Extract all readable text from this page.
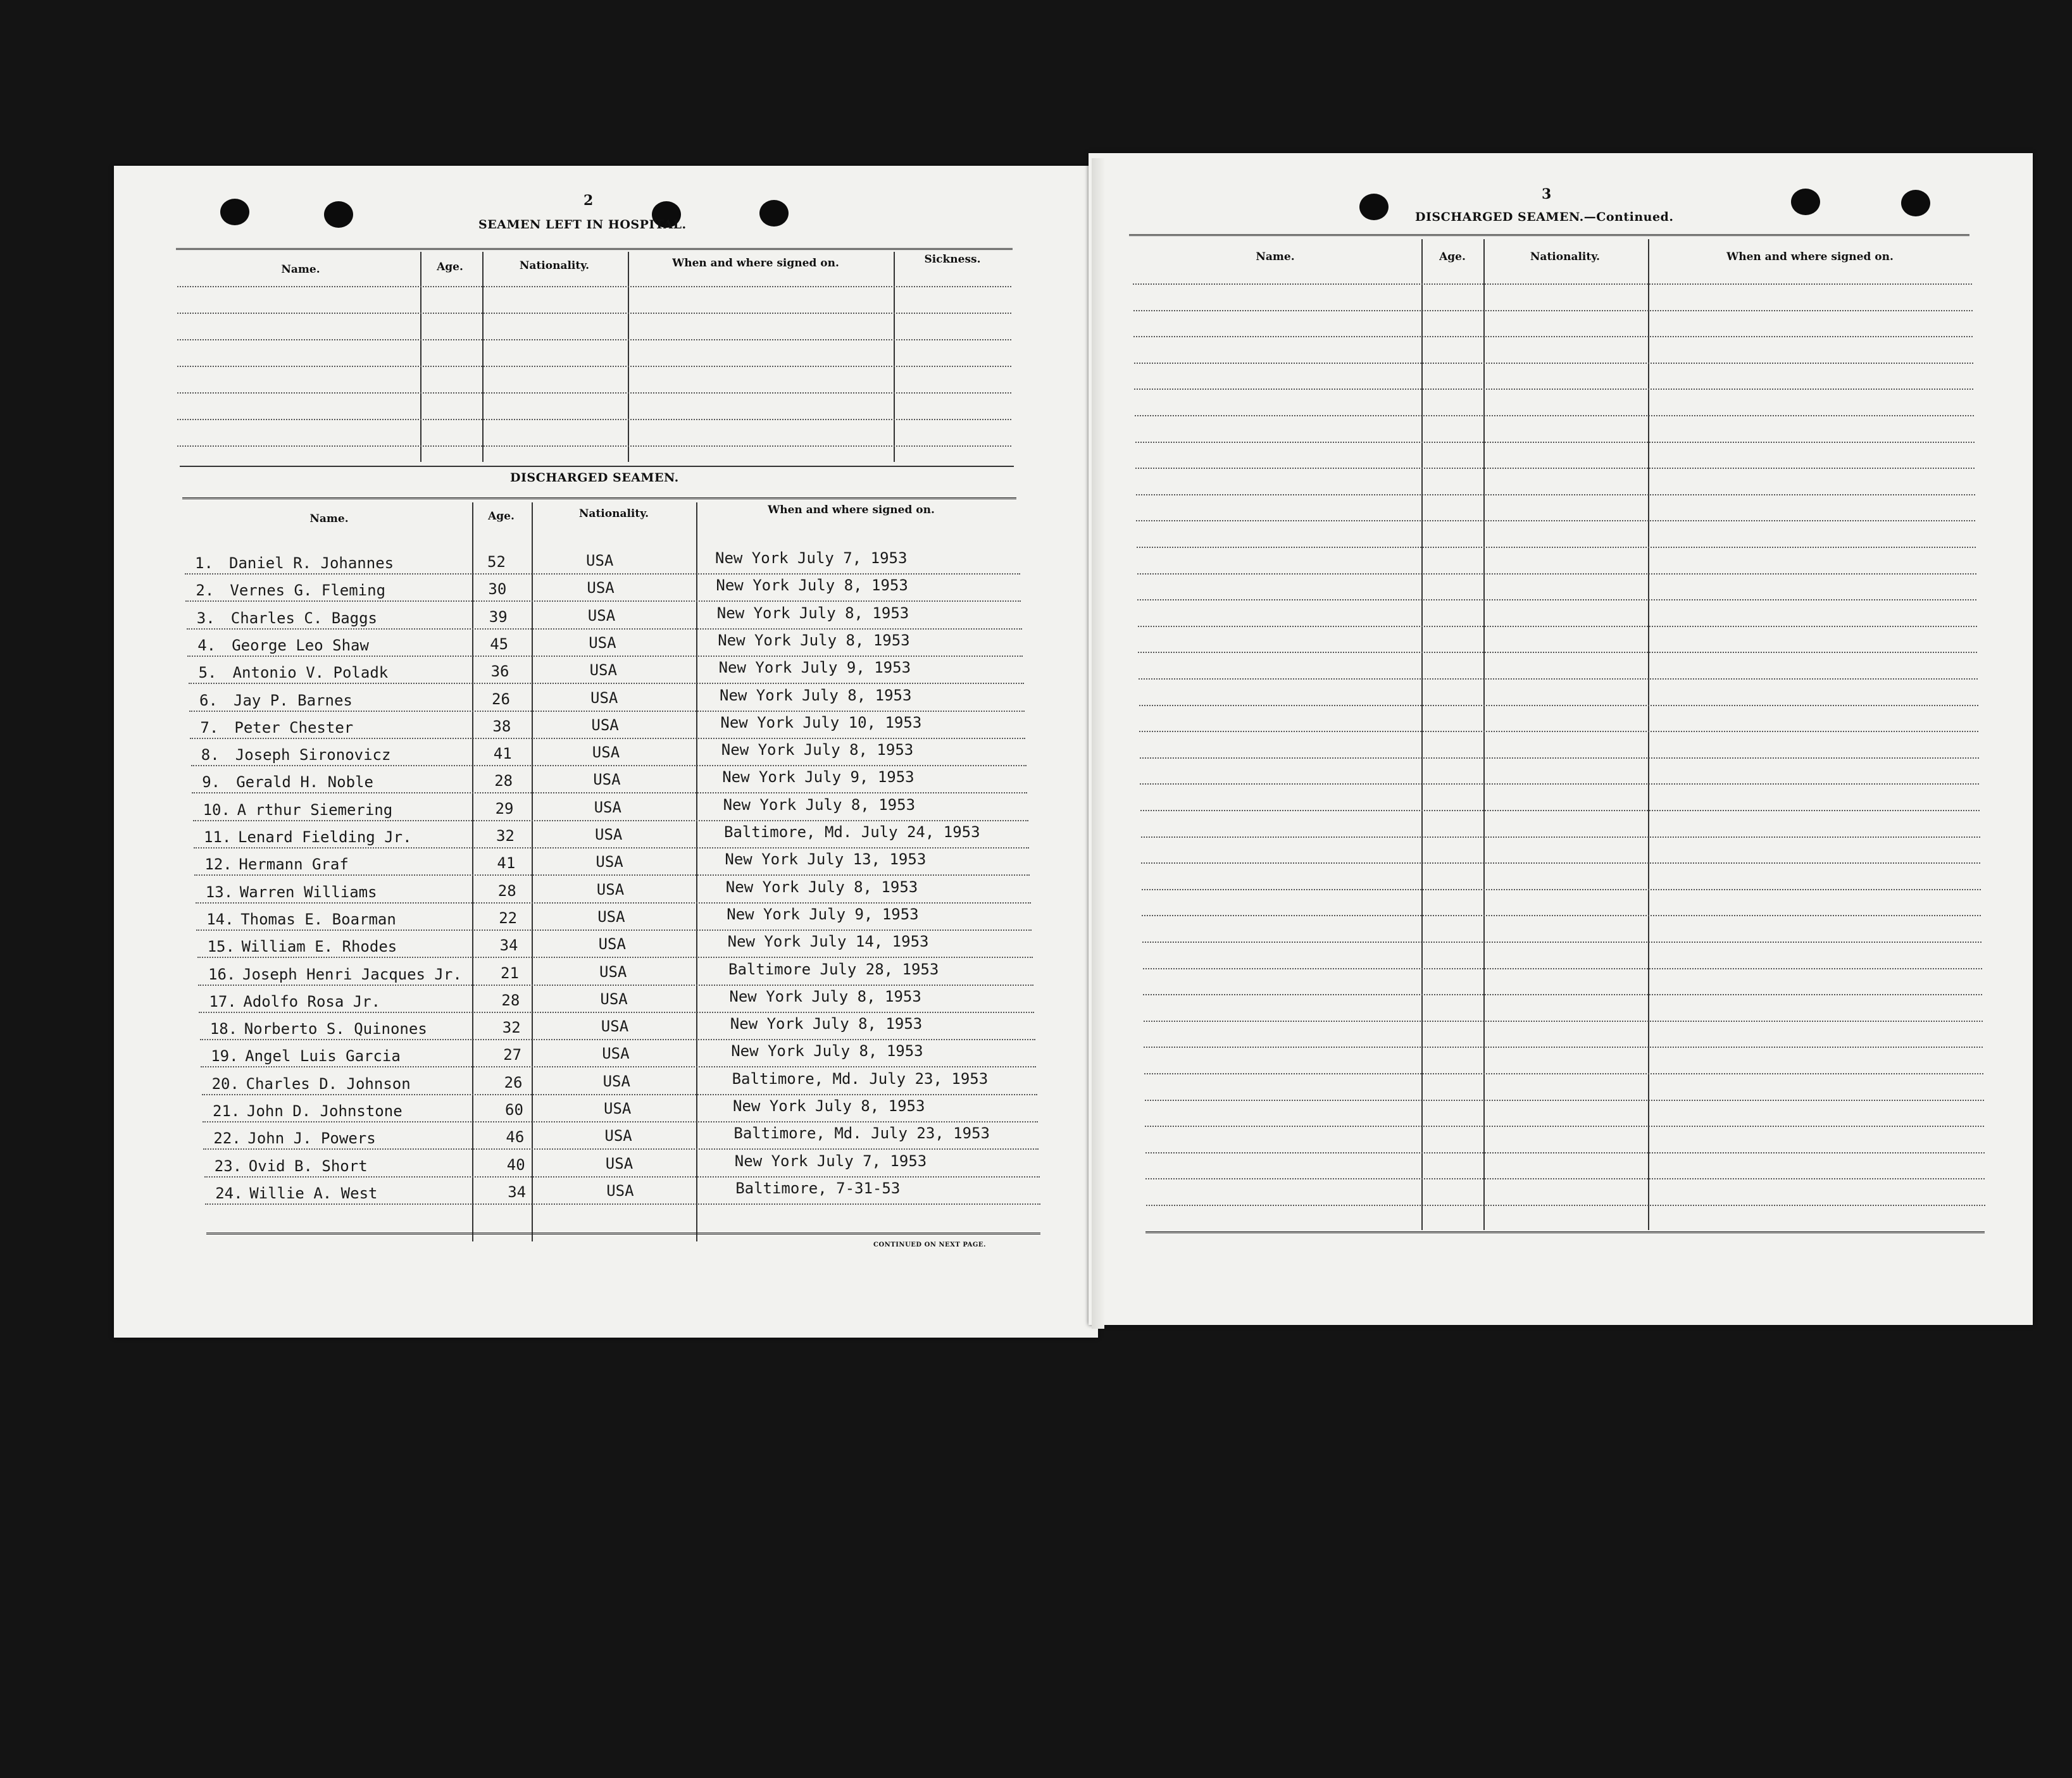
2
SEAMEN LEFT IN HOSPITAL.
Name.	Age.	Nationality.	When and where signed on.	Sickness.
DISCHARGED SEAMEN.
Name.	Age.	Nationality.	When and where signed on.
1. Daniel R. Johannes	52	USA	New York July 7, 1953
2. Vernes G. Fleming	30	USA	New York July 8, 1953
3. Charles C. Baggs	39	USA	New York July 8, 1953
4. George Leo Shaw	45	USA	New York July 8, 1953
5. Antonio V. Poladk	36	USA	New York July 9, 1953
6. Jay P. Barnes	26	USA	New York July 8, 1953
7. Peter Chester	38	USA	New York July 10, 1953
8. Joseph Sironovicz	41	USA	New York July 8, 1953
9. Gerald H. Noble	28	USA	New York July 9, 1953
10. A rthur Siemering	29	USA	New York July 8, 1953
11. Lenard Fielding Jr.	32	USA	Baltimore, Md. July 24, 1953
12. Hermann Graf	41	USA	New York July 13, 1953
13. Warren Williams	28	USA	New York July 8, 1953
14. Thomas E. Boarman	22	USA	New York July 9, 1953
15. William E. Rhodes	34	USA	New York July 14, 1953
16. Joseph Henri Jacques Jr.	21	USA	Baltimore July 28, 1953
17. Adolfo Rosa Jr.	28	USA	New York July 8, 1953
18. Norberto S. Quinones	32	USA	New York July 8, 1953
19. Angel Luis Garcia	27	USA	New York July 8, 1953
20. Charles D. Johnson	26	USA	Baltimore, Md. July 23, 1953
21. John D. Johnstone	60	USA	New York July 8, 1953
22. John J. Powers	46	USA	Baltimore, Md. July 23, 1953
23. Ovid B. Short	40	USA	New York July 7, 1953
24. Willie A. West	34	USA	Baltimore, 7-31-53
CONTINUED ON NEXT PAGE.
3
DISCHARGED SEAMEN.—Continued.
Name.	Age.	Nationality.	When and where signed on.
